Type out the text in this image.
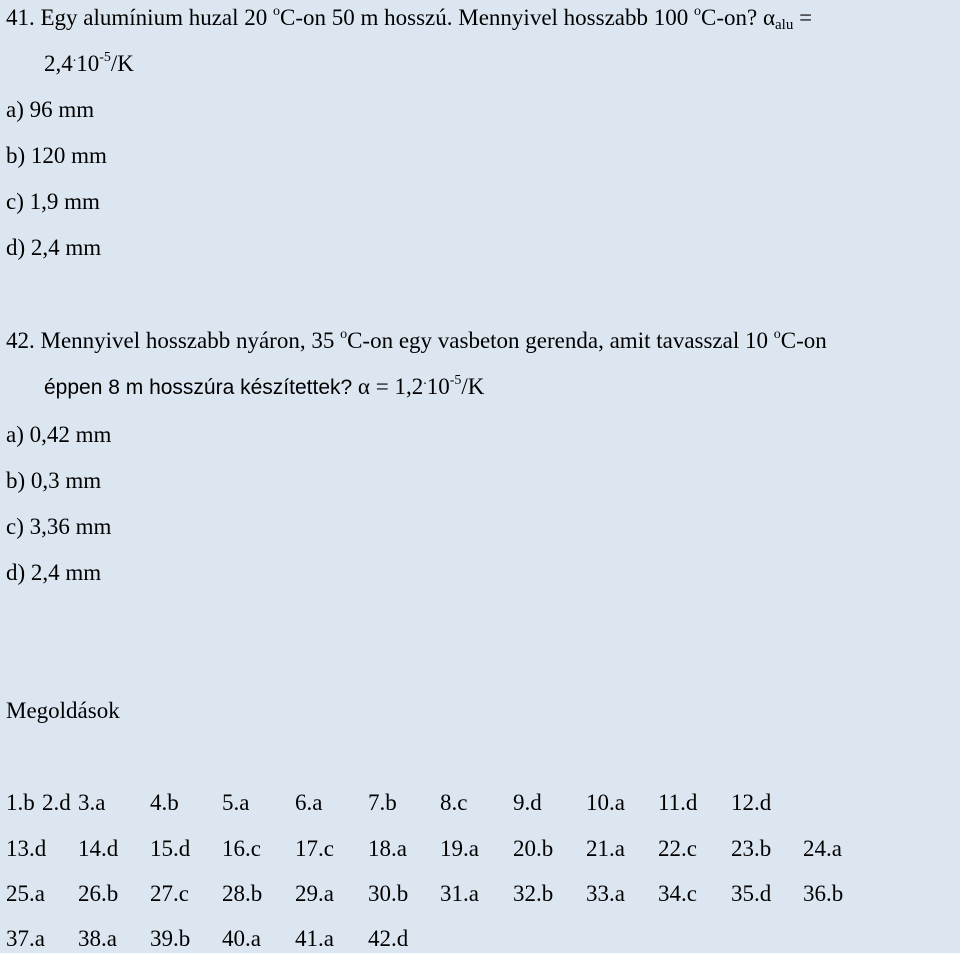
41. Egy alumínium huzal 20 $^o$C-on 50 m hosszú. Mennyivel hosszabb 100 $^o$C-on? $\alpha_{alu}$ =
$2,4^.10^{-5}/K$
a) 96 mm
b) 120 mm
c) 1,9 mm
d) 2,4 mm
42. Mennyivel hosszabb nyáron, 35 $^o$C-on egy vasbeton gerenda, amit tavasszal 10 $^o$C-on
éppen 8 m hosszúra készítettek? $\alpha = 1,2^.10^{-5}/K$
a) 0,42 mm
b) 0,3 mm
c) 3,36 mm
d) 2,4 mm
Megoldások
1.b 2.d 3.a 4.b 5.a 6.a 7.b 8.c 9.d 10.a 11.d 12.d
13.d 14.d 15.d 16.c 17.c 18.a 19.a 20.b 21.a 22.c 23.b 24.a
25.a 26.b 27.c 28.b 29.a 30.b 31.a 32.b 33.a 34.c 35.d 36.b
37.a 38.a 39.b 40.a 41.a 42.d
